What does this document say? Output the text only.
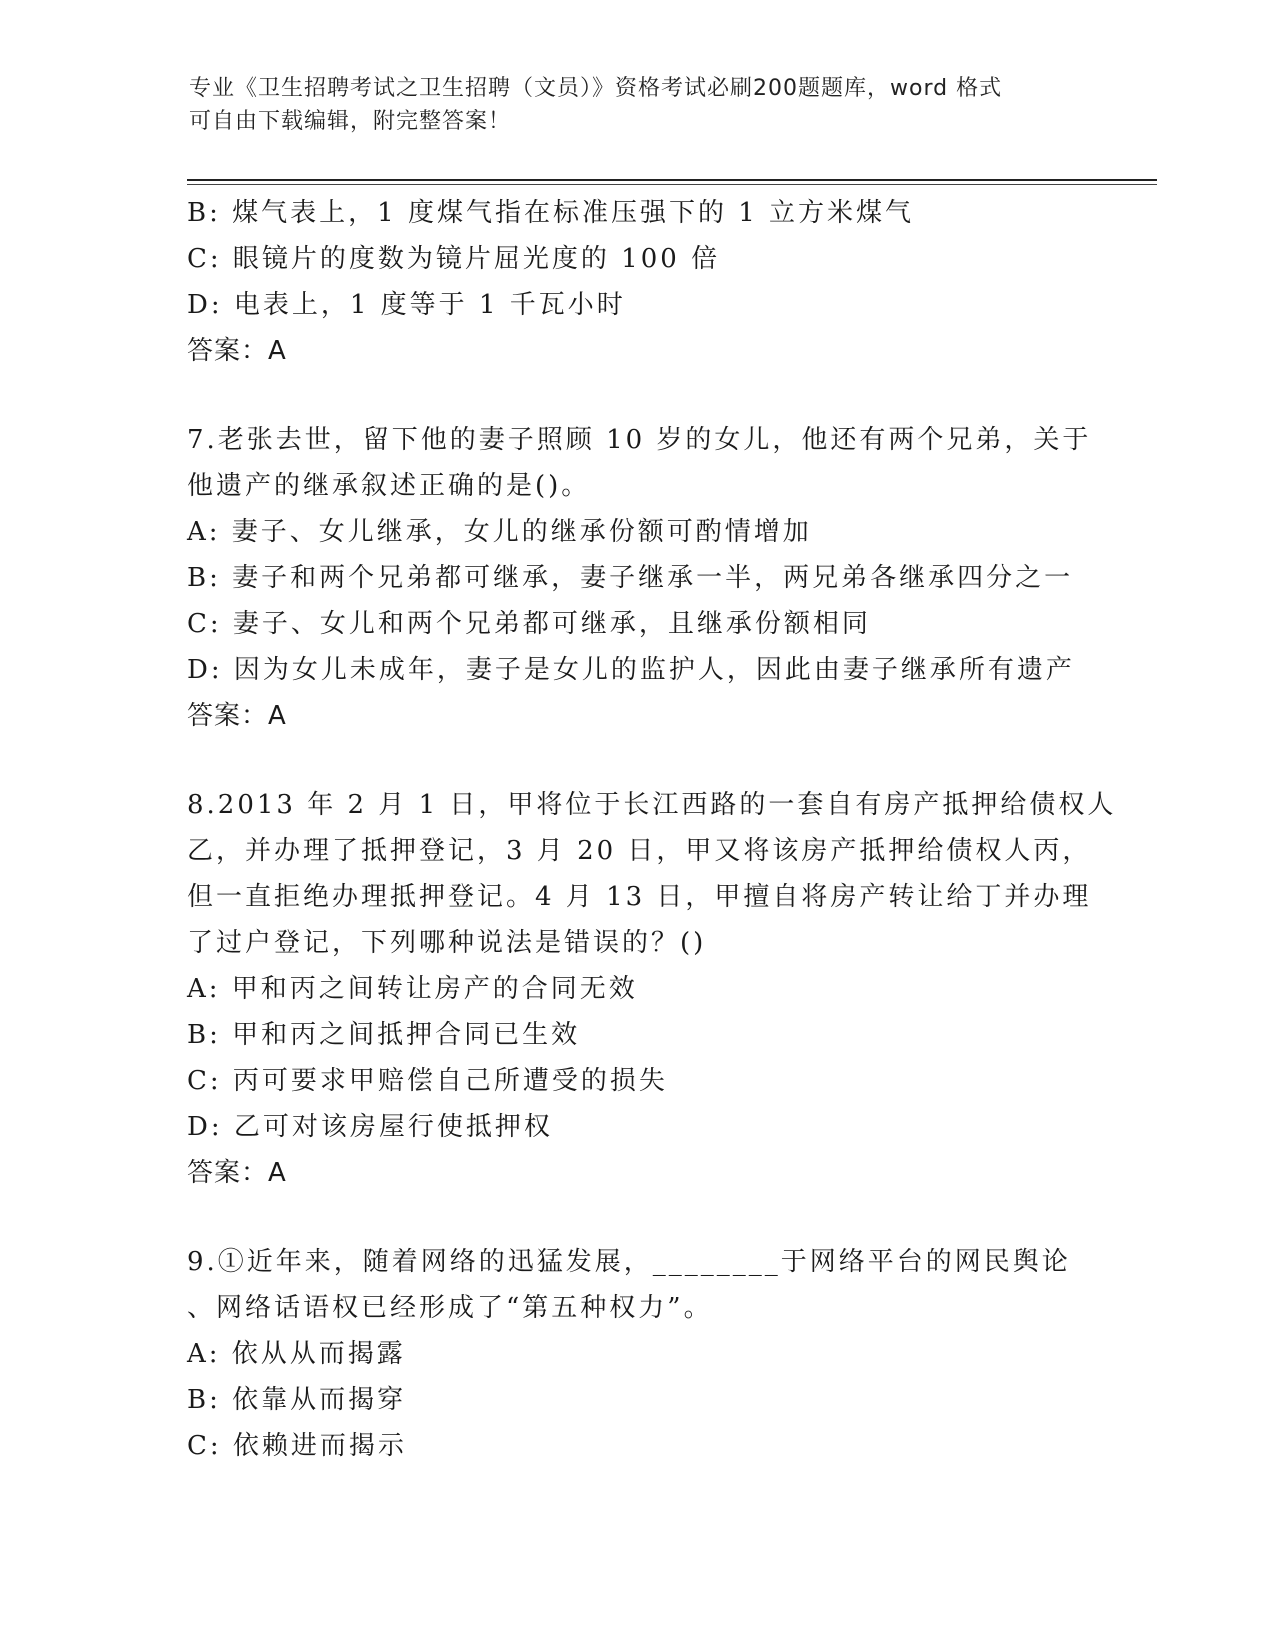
专业《卫生招聘考试之卫生招聘（文员）》资格考试必刷200题题库，word 格式
可自由下载编辑，附完整答案！
B: 煤气表上，1 度煤气指在标准压强下的 1 立方米煤气
C: 眼镜片的度数为镜片屈光度的 100 倍
D: 电表上，1 度等于 1 千瓦小时
答案：A
7.老张去世，留下他的妻子照顾 10 岁的女儿，他还有两个兄弟，关于
他遗产的继承叙述正确的是()。
A: 妻子、女儿继承，女儿的继承份额可酌情增加
B: 妻子和两个兄弟都可继承，妻子继承一半，两兄弟各继承四分之一
C: 妻子、女儿和两个兄弟都可继承，且继承份额相同
D: 因为女儿未成年，妻子是女儿的监护人，因此由妻子继承所有遗产
答案：A
8.2013 年 2 月 1 日，甲将位于长江西路的一套自有房产抵押给债权人
乙，并办理了抵押登记，3 月 20 日，甲又将该房产抵押给债权人丙，
但一直拒绝办理抵押登记。4 月 13 日，甲擅自将房产转让给丁并办理
了过户登记，下列哪种说法是错误的？()
A: 甲和丙之间转让房产的合同无效
B: 甲和丙之间抵押合同已生效
C: 丙可要求甲赔偿自己所遭受的损失
D: 乙可对该房屋行使抵押权
答案：A
9.①近年来，随着网络的迅猛发展，________于网络平台的网民舆论
、网络话语权已经形成了“第五种权力”。
A: 依从从而揭露
B: 依靠从而揭穿
C: 依赖进而揭示
